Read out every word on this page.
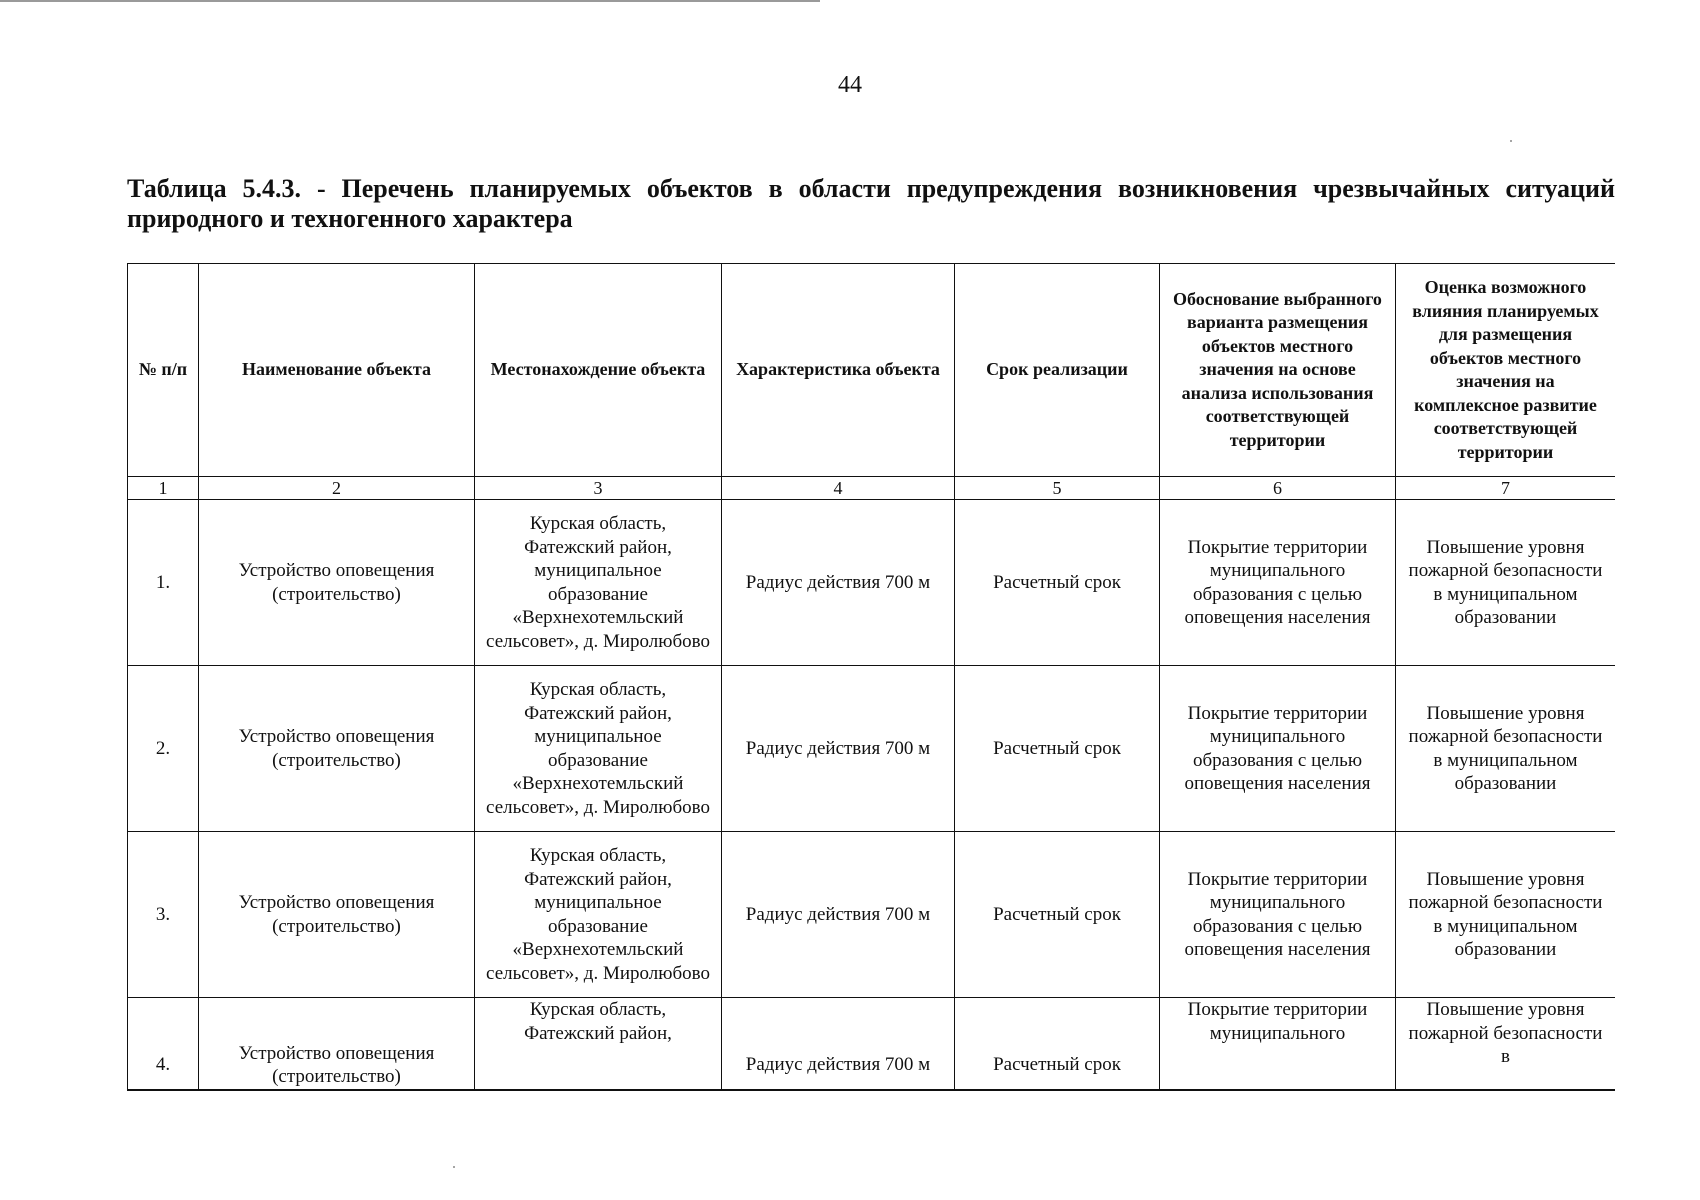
44
Таблица 5.4.3. - Перечень планируемых объектов в области предупреждения возникновения чрезвычайных ситуаций природного и техногенного характера
№ п/п	Наименование объекта	Местонахождение объекта	Характеристика объекта	Срок реализации	Обоснование выбранного варианта размещения объектов местного значения на основе анализа использования соответствующей территории	Оценка возможного влияния планируемых для размещения объектов местного значения на комплексное развитие соответствующей территории
1	2	3	4	5	6	7
1.	Устройство оповещения (строительство)	Курская область, Фатежский район, муниципальное образование «Верхнехотемльский сельсовет», д. Миролюбово	Радиус действия 700 м	Расчетный срок	Покрытие территории муниципального образования с целью оповещения населения	Повышение уровня пожарной безопасности в муниципальном образовании
2.	Устройство оповещения (строительство)	Курская область, Фатежский район, муниципальное образование «Верхнехотемльский сельсовет», д. Миролюбово	Радиус действия 700 м	Расчетный срок	Покрытие территории муниципального образования с целью оповещения населения	Повышение уровня пожарной безопасности в муниципальном образовании
3.	Устройство оповещения (строительство)	Курская область, Фатежский район, муниципальное образование «Верхнехотемльский сельсовет», д. Миролюбово	Радиус действия 700 м	Расчетный срок	Покрытие территории муниципального образования с целью оповещения населения	Повышение уровня пожарной безопасности в муниципальном образовании
4.	Устройство оповещения (строительство)	Курская область, Фатежский район,	Радиус действия 700 м	Расчетный срок	Покрытие территории муниципального	Повышение уровня пожарной безопасности в
